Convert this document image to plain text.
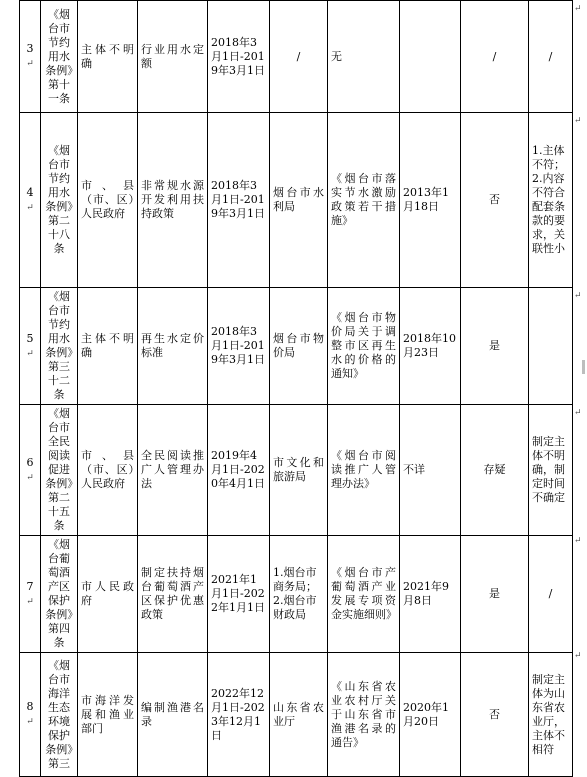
3↵	《烟台市节约用水条例》第十一条	主体不明确	行业用水定额	2018年3月1日-2019年3月1日	/	无		/	/
4↵	《烟台市节约用水条例》第二十八条	市、县（市、区）人民政府	非常规水源开发利用扶持政策	2018年3月1日-2019年3月1日	烟台市水利局	《烟台市落实节水激励政策若干措施》	2013年1月18日	否	1.主体不符；2.内容不符合配套条款的要求，关联性小
5↵	《烟台市节约用水条例》第三十二条	主体不明确	再生水定价标准	2018年3月1日-2019年3月1日	烟台市物价局	《烟台市物价局关于调整市区再生水的价格的通知》	2018年10月23日	是	
6↵	《烟台市全民阅读促进条例》第二十五条	市、县（市、区）人民政府	全民阅读推广人管理办法	2019年4月1日-2020年4月1日	市文化和旅游局	《烟台市阅读推广人管理办法》	不详	存疑	制定主体不明确，制定时间不确定
7↵	《烟台葡萄酒产区保护条例》第四条	市人民政府	制定扶持烟台葡萄酒产区保护优惠政策	2021年1月1日-2022年1月1日	1.烟台市商务局；2.烟台市财政局	《烟台市产葡萄酒产业发展专项资金实施细则》	2021年9月8日	是	/
8↵	《烟台市海洋生态环境保护条例》第三	市海洋发展和渔业部门	编制渔港名录	2022年12月1日-2023年12月1日	山东省农业厅	《山东省农业农村厅关于山东省市渔港名录的通告》	2020年1月20日	否	制定主体为山东省农业厅，主体不相符
↵
↵
↵
↵
↵
↵
